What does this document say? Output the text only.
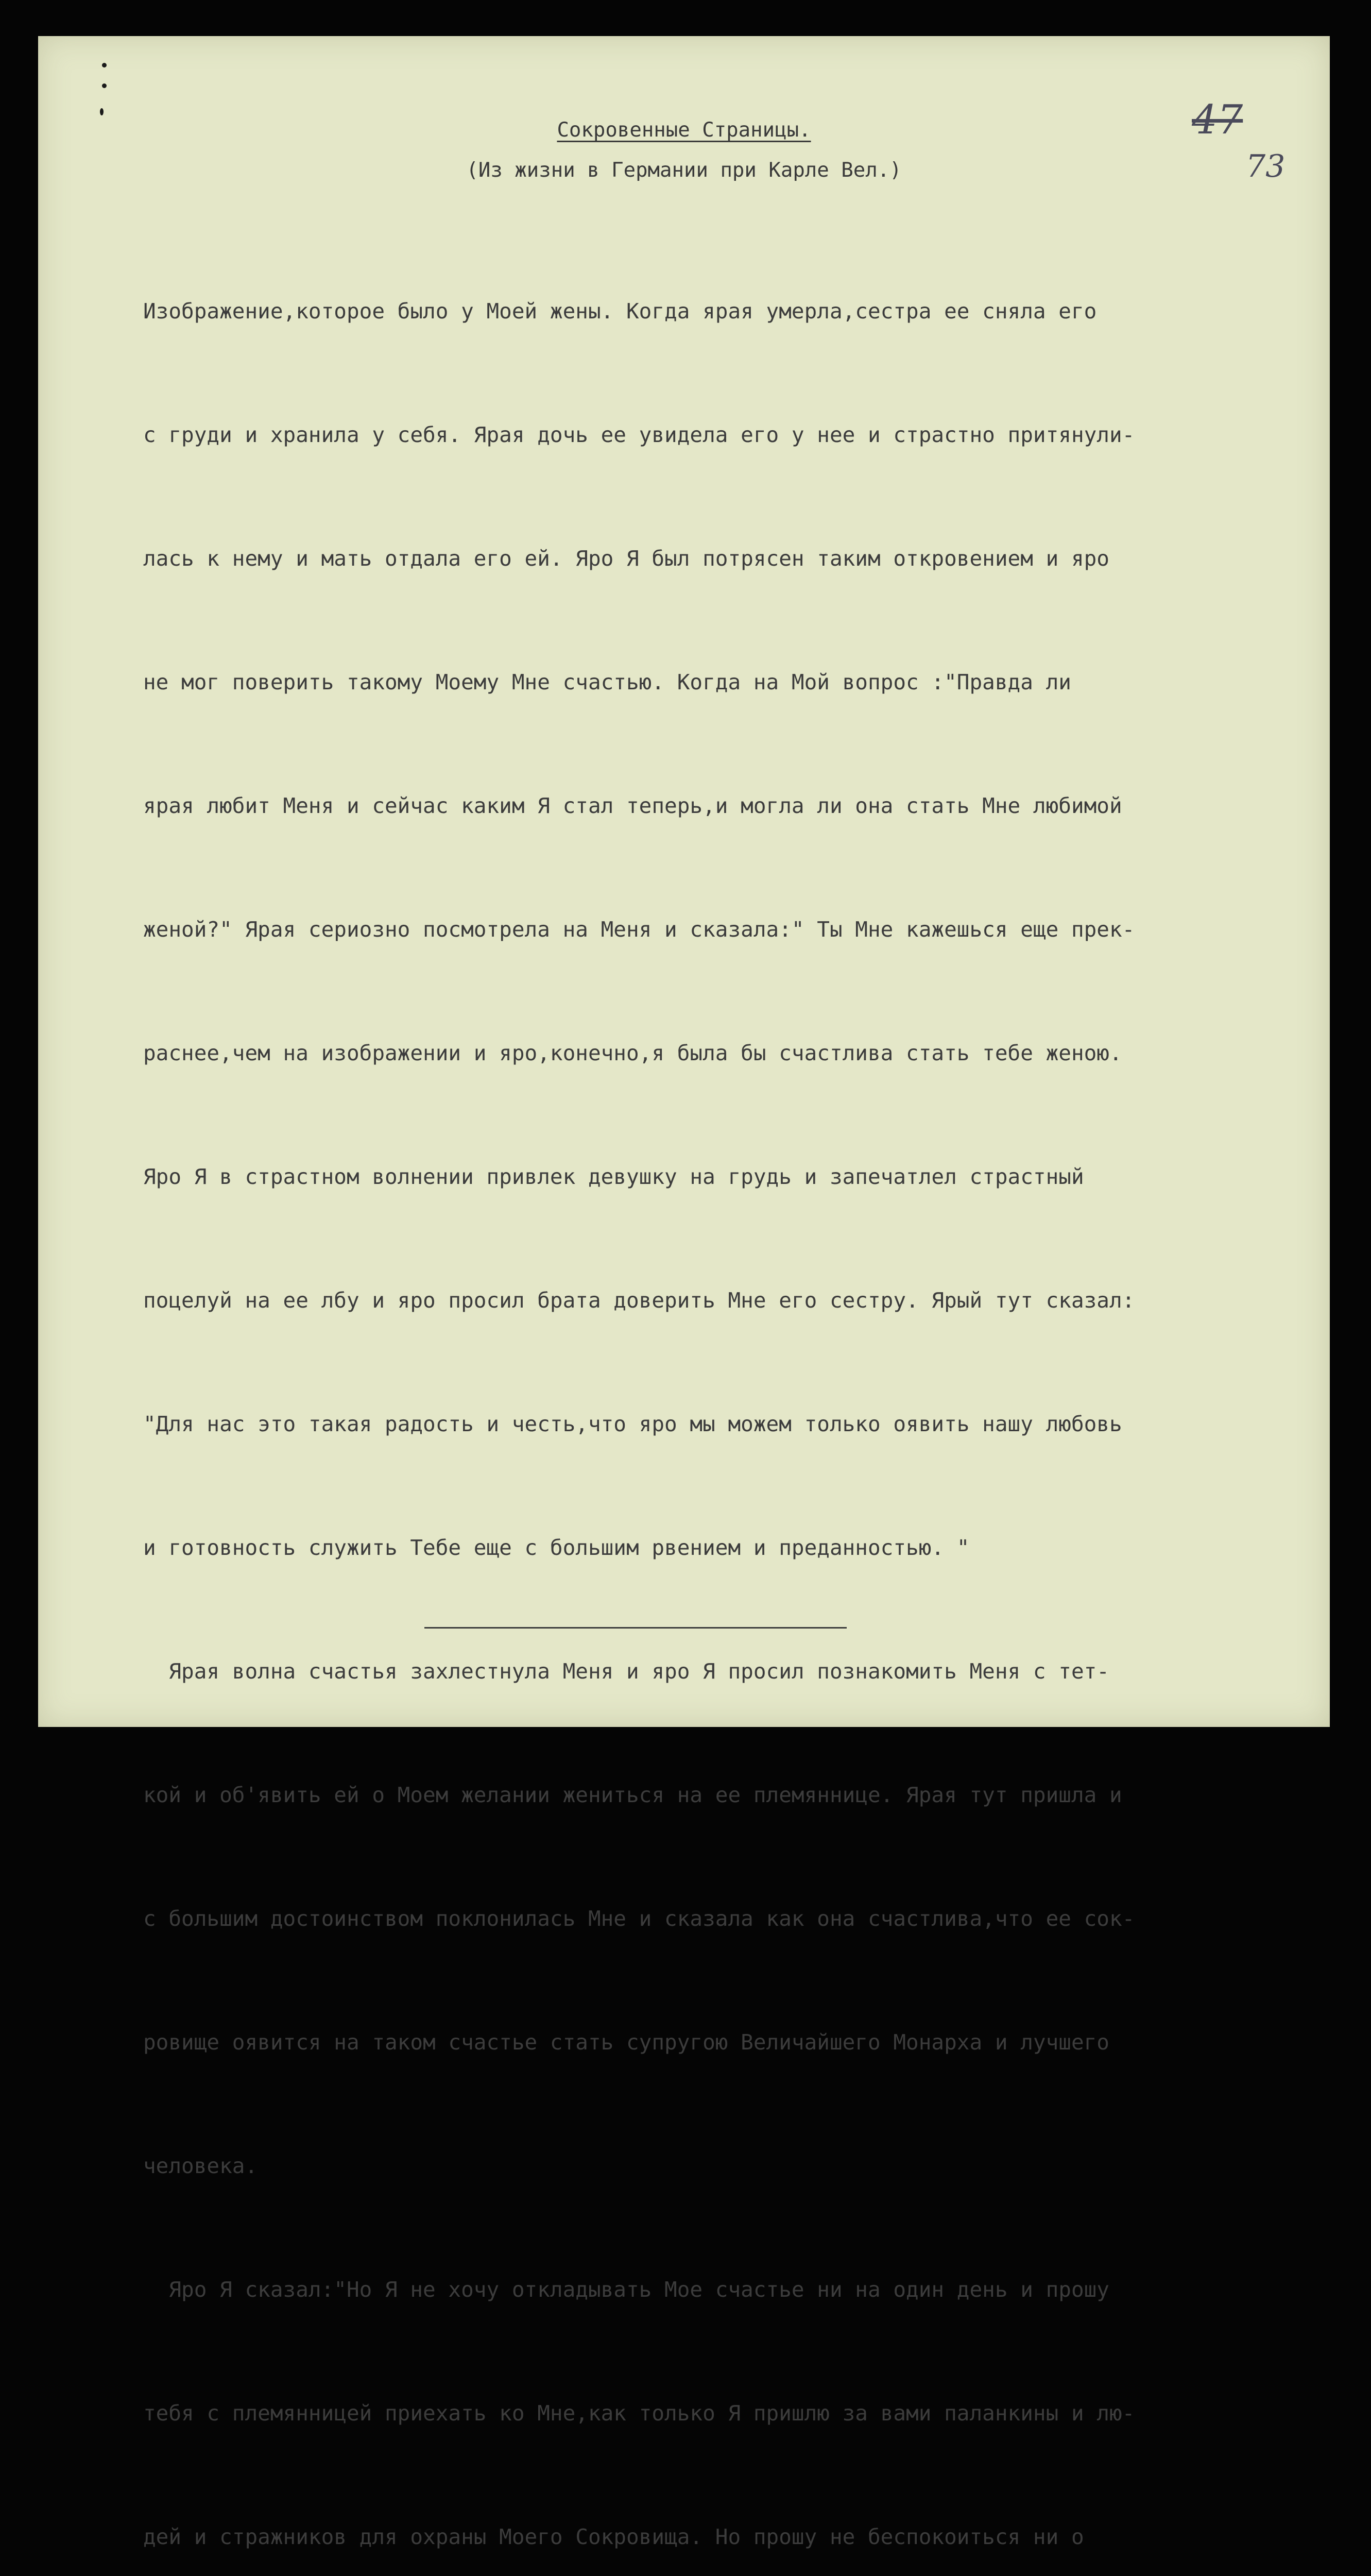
47
73
Сокровенные Страницы.
(Из жизни в Германии при Карле Вел.)

Изображение,которое было у Моей жены. Когда ярая умерла,сестра ее сняла его

с груди и хранила у себя. Ярая дочь ее увидела его у нее и страстно притянули-

лась к нему и мать отдала его ей. Яро Я был потрясен таким откровением и яро

не мог поверить такому Моему Мне счастью. Когда на Мой вопрос :"Правда ли

ярая любит Меня и сейчас каким Я стал теперь,и могла ли она стать Мне любимой

женой?" Ярая сериозно посмотрела на Меня и сказала:" Ты Мне кажешься еще прек-

раснее,чем на изображении и яро,конечно,я была бы счастлива стать тебе женою.

Яро Я в страстном волнении привлек девушку на грудь и запечатлел страстный

поцелуй на ее лбу и яро просил брата доверить Мне его сестру. Ярый тут сказал:

"Для нас это такая радость и честь,что яро мы можем только оявить нашу любовь

и готовность служить Тебе еще с большим рвением и преданностью. "

Ярая волна счастья захлестнула Меня и яро Я просил познакомить Меня с тет-

кой и об'явить ей о Моем желании жениться на ее племяннице. Ярая тут пришла и

с большим достоинством поклонилась Мне и сказала как она счастлива,что ее сок-

ровище оявится на таком счастье стать супругою Величайшего Монарха и лучшего

человека.

Яро Я сказал:"Но Я не хочу откладывать Мое счастье ни на один день и прошу

тебя с племянницей приехать ко Мне,как только Я пришлю за вами паланкины и лю-

дей и стражников для охраны Моего Сокровища. Но прошу не беспокоиться ни о
